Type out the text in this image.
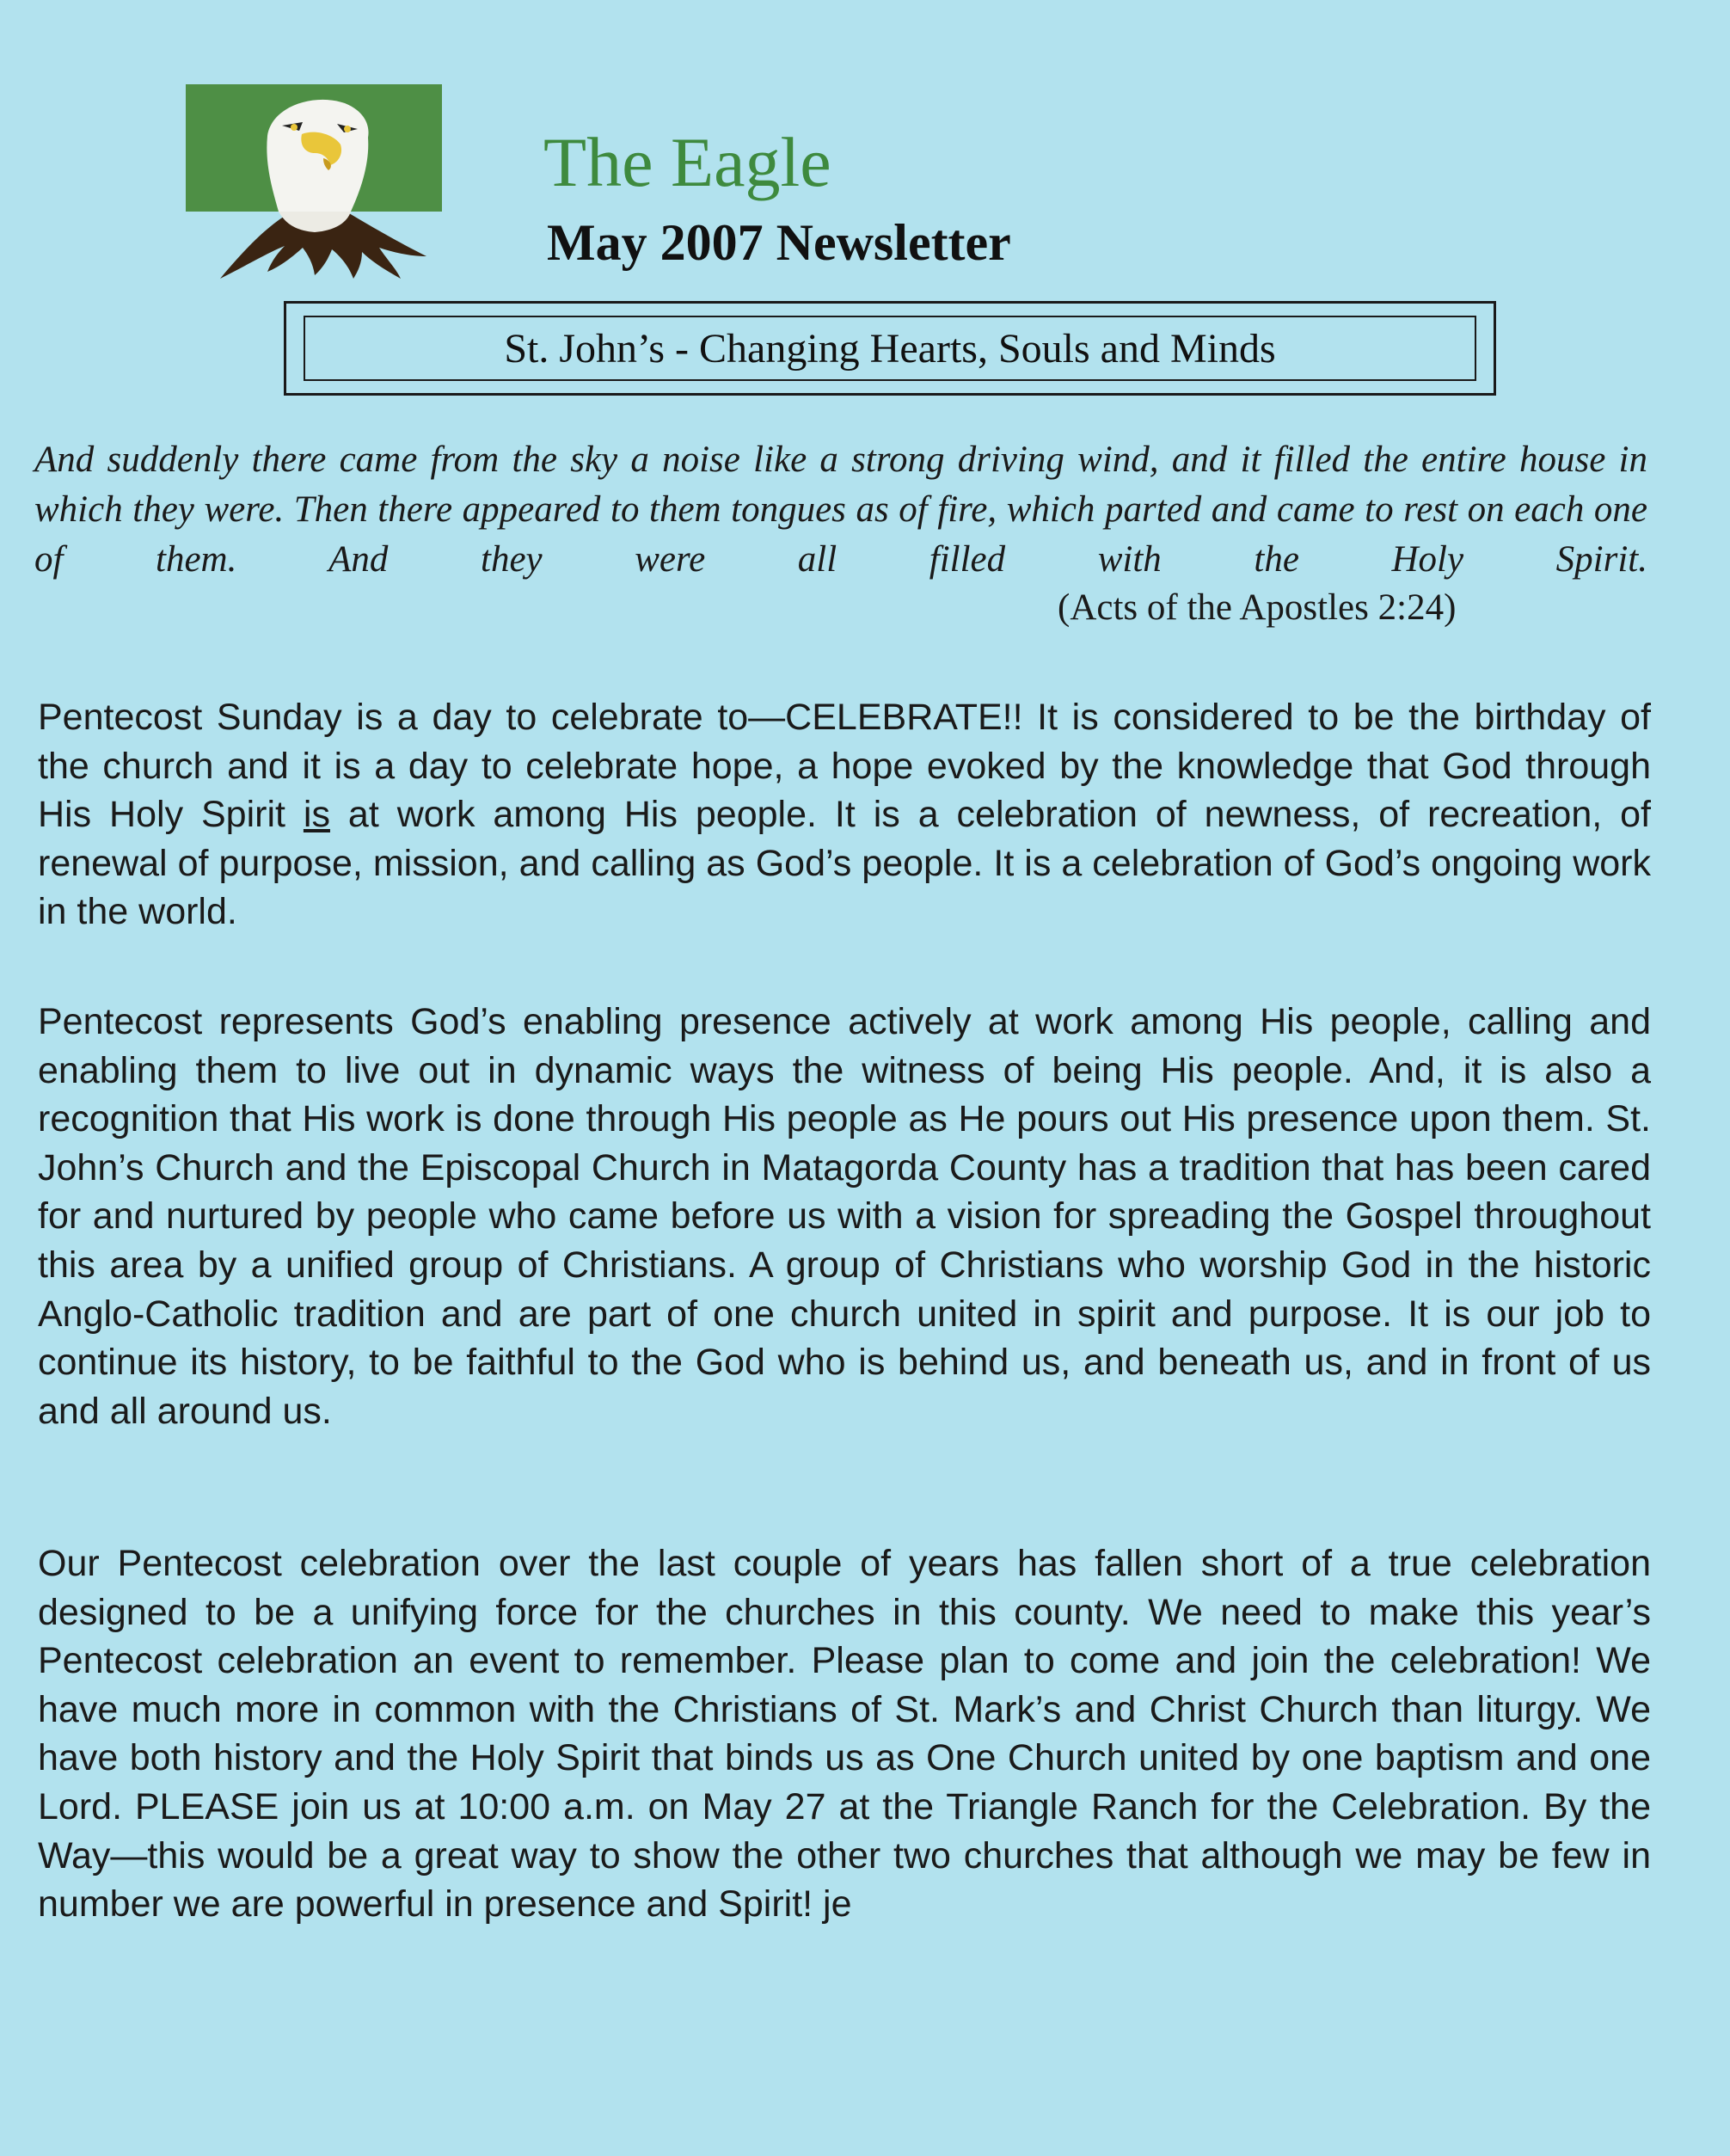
The Eagle
May 2007 Newsletter
St. John’s - Changing Hearts, Souls and Minds

And suddenly there came from the sky a noise like a strong driving wind, and it filled the entire house in which they were. Then there appeared to them tongues as of fire, which parted and came to rest on each one of them. And they were all filled with the Holy Spirit.

(Acts of the Apostles 2:24)

Pentecost Sunday is a day to celebrate to—CELEBRATE!! It is considered to be the birthday of the church and it is a day to celebrate hope, a hope evoked by the knowledge that God through His Holy Spirit is at work among His people. It is a celebration of newness, of recreation, of renewal of purpose, mission, and calling as God’s people. It is a celebration of God’s ongoing work in the world.

Pentecost represents God’s enabling presence actively at work among His people, calling and enabling them to live out in dynamic ways the witness of being His people. And, it is also a recognition that His work is done through His people as He pours out His presence upon them. St. John’s Church and the Episcopal Church in Matagorda County has a tradition that has been cared for and nurtured by people who came before us with a vision for spreading the Gospel throughout this area by a unified group of Christians. A group of Christians who worship God in the historic Anglo-Catholic tradition and are part of one church united in spirit and purpose. It is our job to continue its history, to be faithful to the God who is behind us, and beneath us, and in front of us and all around us.

Our Pentecost celebration over the last couple of years has fallen short of a true celebration designed to be a unifying force for the churches in this county. We need to make this year’s Pentecost celebration an event to remember. Please plan to come and join the celebration! We have much more in common with the Christians of St. Mark’s and Christ Church than liturgy. We have both history and the Holy Spirit that binds us as One Church united by one baptism and one Lord. PLEASE join us at 10:00 a.m. on May 27 at the Triangle Ranch for the Celebration. By the Way—this would be a great way to show the other two churches that although we may be few in number we are powerful in presence and Spirit! je
